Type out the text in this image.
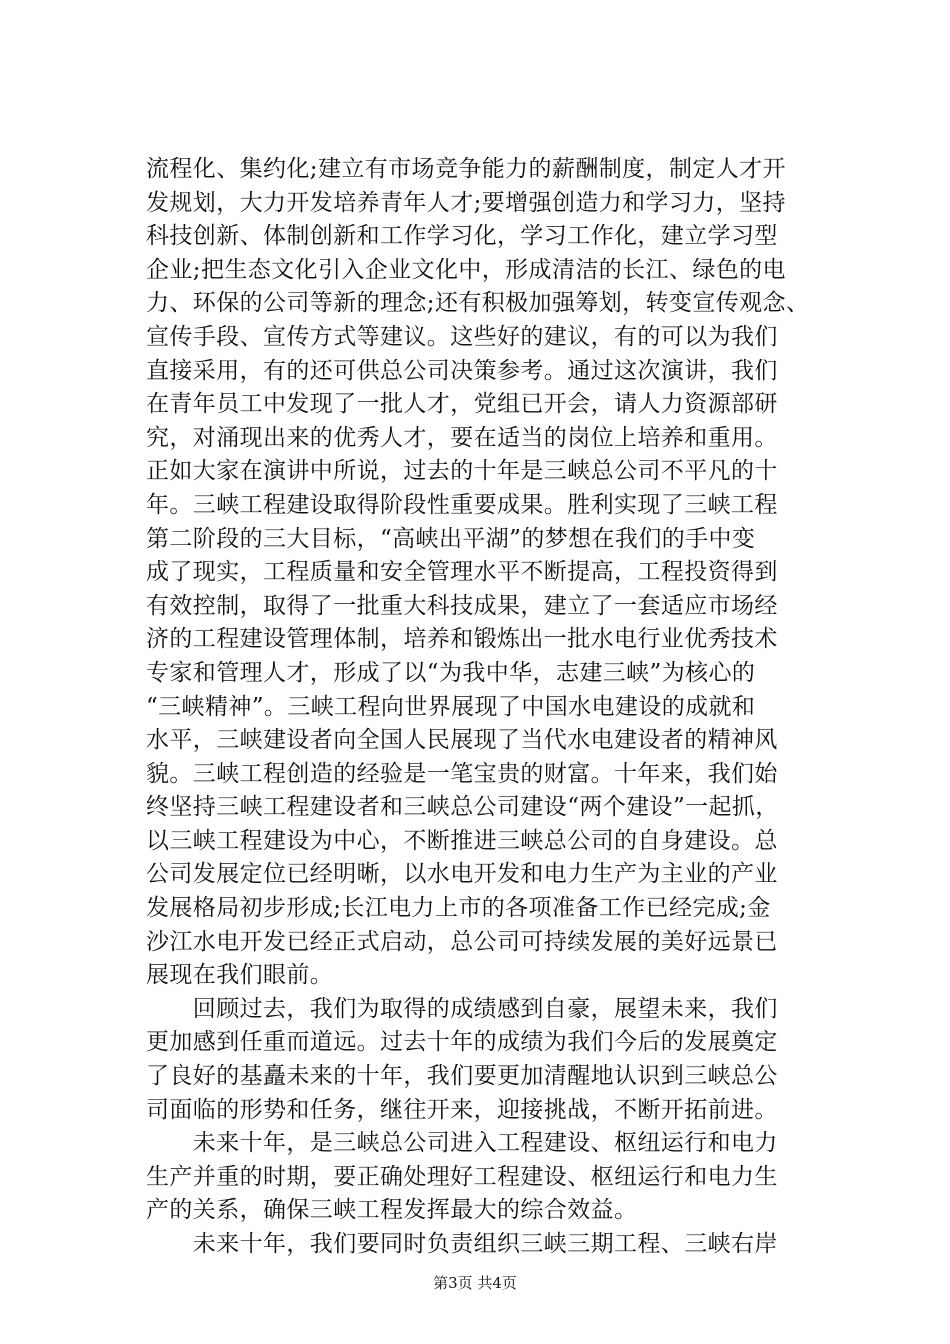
流程化、集约化;建立有市场竞争能力的薪酬制度，制定人才开
发规划，大力开发培养青年人才;要增强创造力和学习力，坚持
科技创新、体制创新和工作学习化，学习工作化，建立学习型
企业;把生态文化引入企业文化中，形成清洁的长江、绿色的电
力、环保的公司等新的理念;还有积极加强筹划，转变宣传观念、
宣传手段、宣传方式等建议。这些好的建议，有的可以为我们
直接采用，有的还可供总公司决策参考。通过这次演讲，我们
在青年员工中发现了一批人才，党组已开会，请人力资源部研
究，对涌现出来的优秀人才，要在适当的岗位上培养和重用。
正如大家在演讲中所说，过去的十年是三峡总公司不平凡的十
年。三峡工程建设取得阶段性重要成果。胜利实现了三峡工程
第二阶段的三大目标，“高峡出平湖”的梦想在我们的手中变
成了现实，工程质量和安全管理水平不断提高，工程投资得到
有效控制，取得了一批重大科技成果，建立了一套适应市场经
济的工程建设管理体制，培养和锻炼出一批水电行业优秀技术
专家和管理人才，形成了以“为我中华，志建三峡”为核心的
“三峡精神”。三峡工程向世界展现了中国水电建设的成就和
水平，三峡建设者向全国人民展现了当代水电建设者的精神风
貌。三峡工程创造的经验是一笔宝贵的财富。十年来，我们始
终坚持三峡工程建设者和三峡总公司建设“两个建设”一起抓，
以三峡工程建设为中心，不断推进三峡总公司的自身建设。总
公司发展定位已经明晰，以水电开发和电力生产为主业的产业
发展格局初步形成;长江电力上市的各项准备工作已经完成;金
沙江水电开发已经正式启动，总公司可持续发展的美好远景已
展现在我们眼前。
　　回顾过去，我们为取得的成绩感到自豪，展望未来，我们
更加感到任重而道远。过去十年的成绩为我们今后的发展奠定
了良好的基矗未来的十年，我们要更加清醒地认识到三峡总公
司面临的形势和任务，继往开来，迎接挑战，不断开拓前进。
　　未来十年，是三峡总公司进入工程建设、枢纽运行和电力
生产并重的时期，要正确处理好工程建设、枢纽运行和电力生
产的关系，确保三峡工程发挥最大的综合效益。
　　未来十年，我们要同时负责组织三峡三期工程、三峡右岸
第3页 共4页
